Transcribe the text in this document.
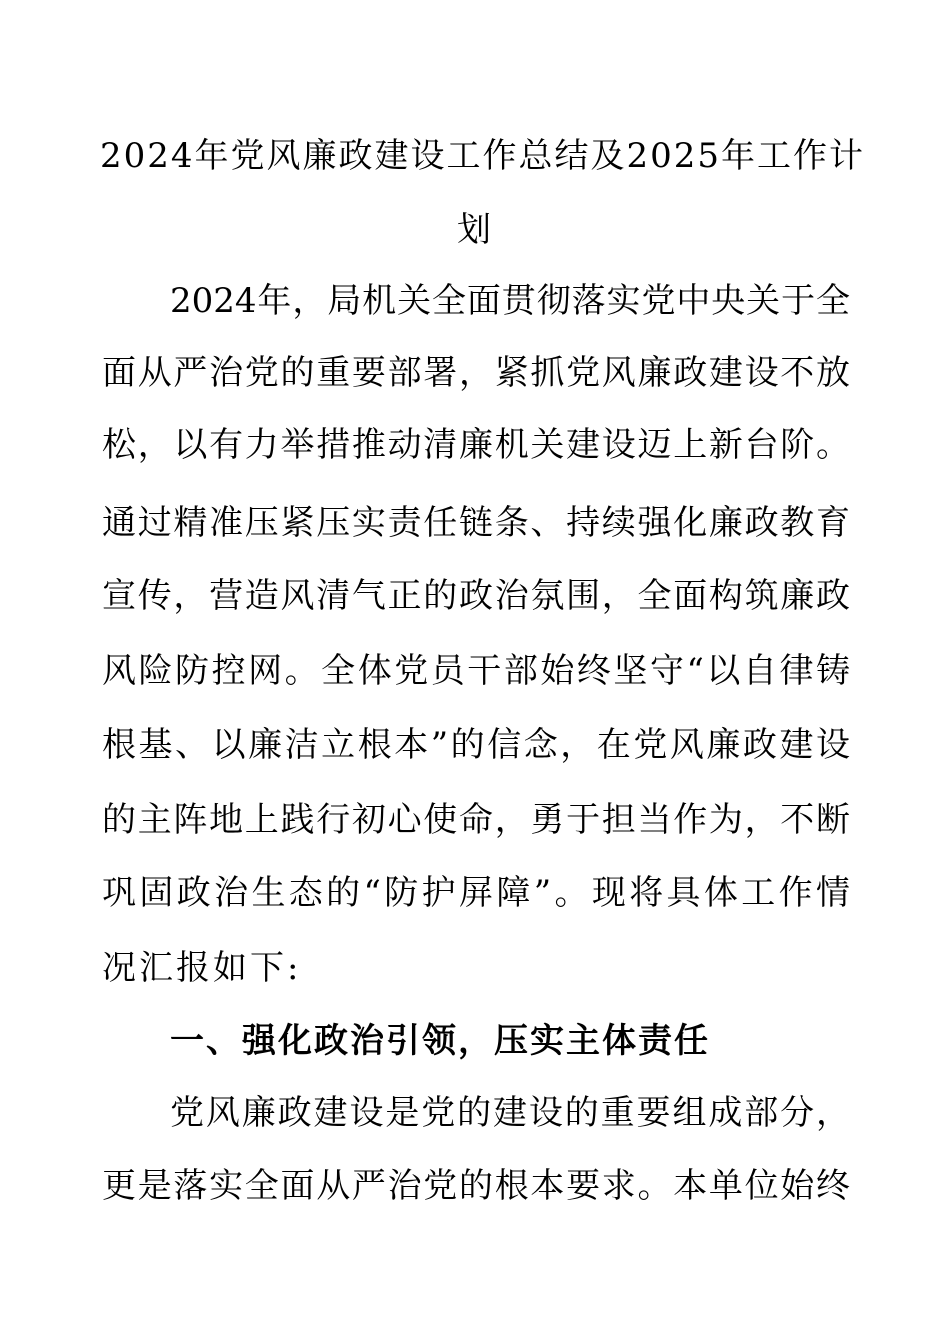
2024年党风廉政建设工作总结及2025年工作计
划
2024年，局机关全面贯彻落实党中央关于全
面从严治党的重要部署，紧抓党风廉政建设不放
松，以有力举措推动清廉机关建设迈上新台阶。
通过精准压紧压实责任链条、持续强化廉政教育
宣传，营造风清气正的政治氛围，全面构筑廉政
风险防控网。全体党员干部始终坚守“以自律铸
根基、以廉洁立根本”的信念，在党风廉政建设
的主阵地上践行初心使命，勇于担当作为，不断
巩固政治生态的“防护屏障”。现将具体工作情
况汇报如下:
一、强化政治引领，压实主体责任
党风廉政建设是党的建设的重要组成部分，
更是落实全面从严治党的根本要求。本单位始终
